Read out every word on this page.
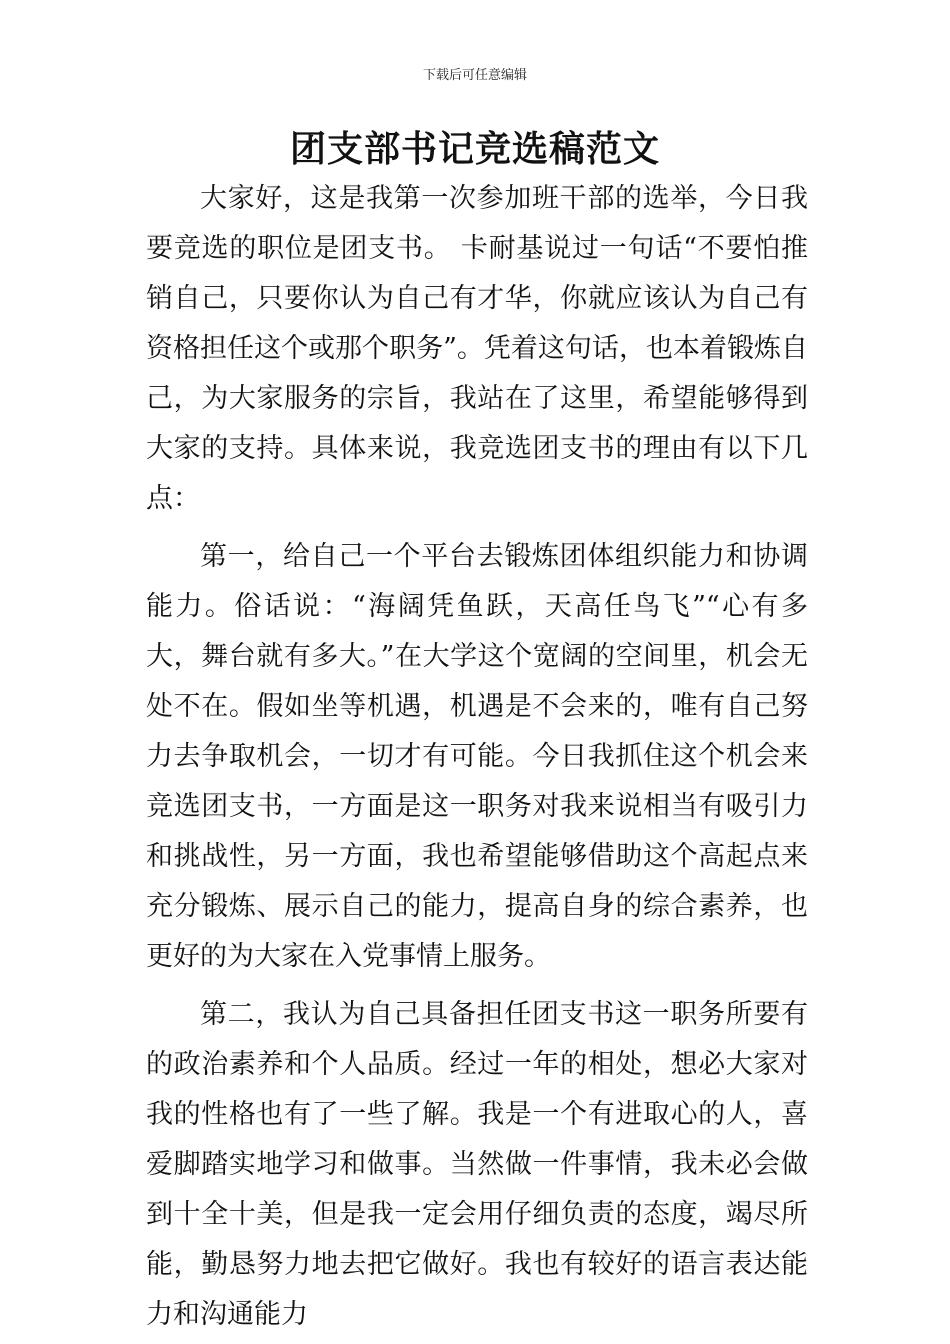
下载后可任意编辑
团支部书记竞选稿范文

大家好，这是我第一次参加班干部的选举，今日我要竞选的职位是团支书。 卡耐基说过一句话“不要怕推销自己，只要你认为自己有才华，你就应该认为自己有资格担任这个或那个职务”。凭着这句话，也本着锻炼自己，为大家服务的宗旨，我站在了这里，希望能够得到大家的支持。具体来说，我竞选团支书的理由有以下几点：

第一，给自己一个平台去锻炼团体组织能力和协调能力。俗话说：“海阔凭鱼跃，天高任鸟飞”“心有多大，舞台就有多大。”在大学这个宽阔的空间里，机会无处不在。假如坐等机遇，机遇是不会来的，唯有自己努力去争取机会，一切才有可能。今日我抓住这个机会来竞选团支书，一方面是这一职务对我来说相当有吸引力和挑战性，另一方面，我也希望能够借助这个高起点来充分锻炼、展示自己的能力，提高自身的综合素养，也更好的为大家在入党事情上服务。

第二，我认为自己具备担任团支书这一职务所要有的政治素养和个人品质。经过一年的相处，想必大家对我的性格也有了一些了解。我是一个有进取心的人，喜爱脚踏实地学习和做事。当然做一件事情，我未必会做到十全十美，但是我一定会用仔细负责的态度，竭尽所能，勤恳努力地去把它做好。我也有较好的语言表达能力和沟通能力
